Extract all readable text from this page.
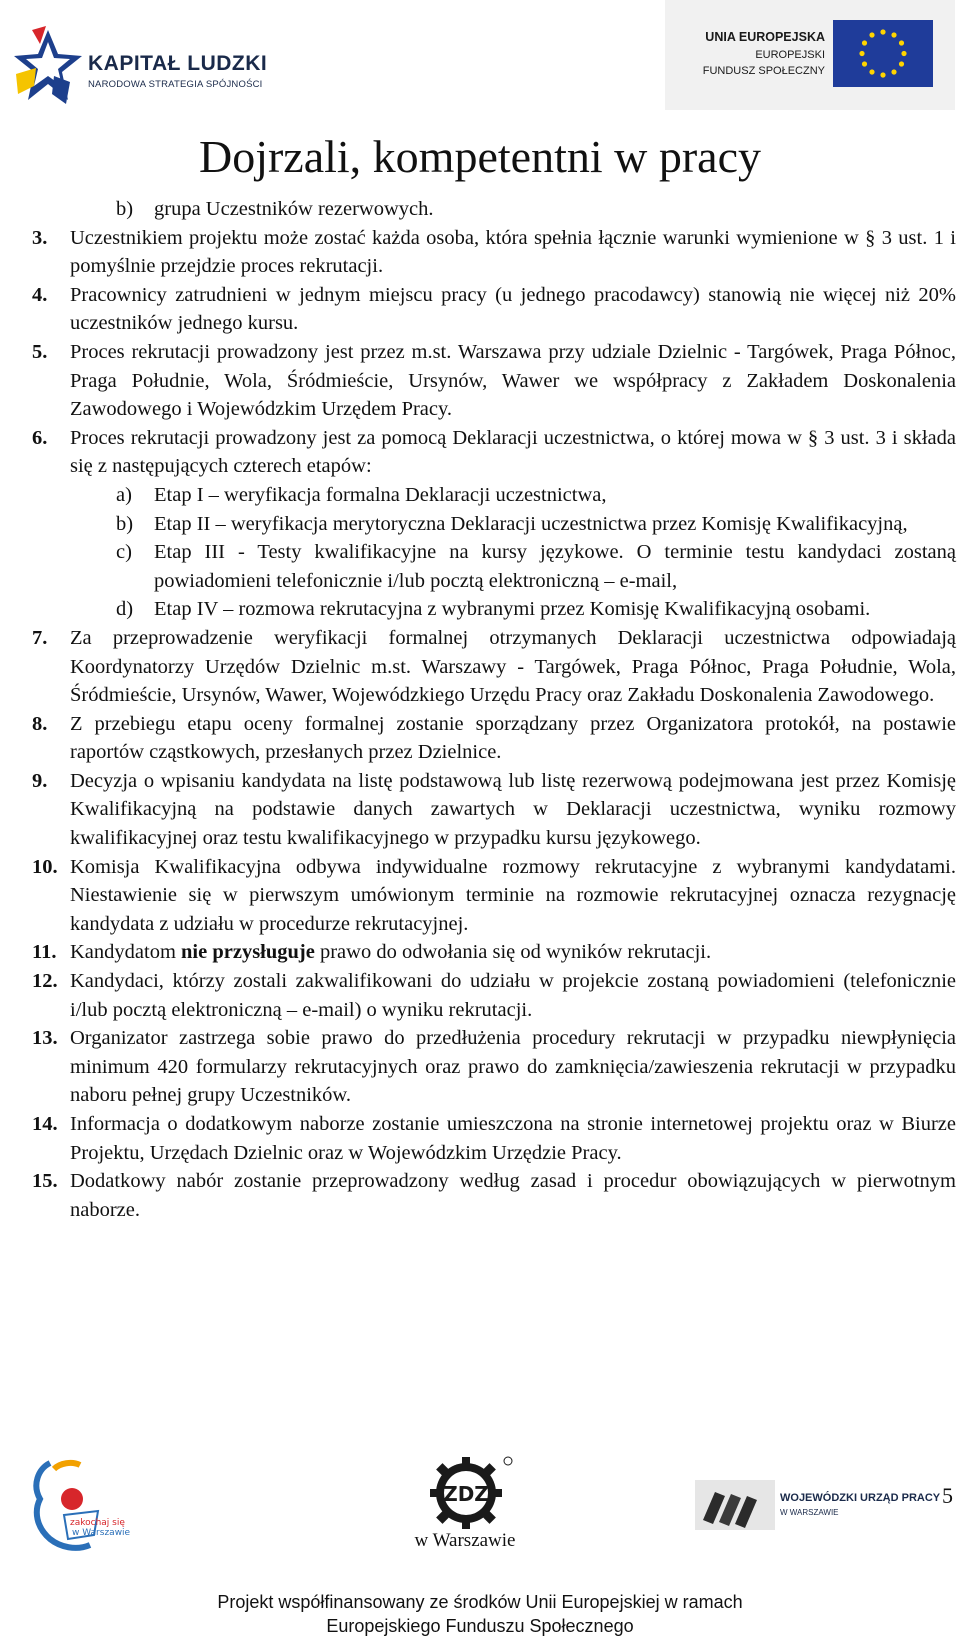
KAPITAŁ LUDZKI
NARODOWA STRATEGIA SPÓJNOŚCI
UNIA EUROPEJSKA
EUROPEJSKI
FUNDUSZ SPOŁECZNY
Dojrzali, kompetentni w pracy
b)	grupa Uczestników rezerwowych.
3.	Uczestnikiem projektu może zostać każda osoba, która spełnia łącznie warunki wymienione w § 3 ust. 1 i pomyślnie przejdzie proces rekrutacji.
4.	Pracownicy zatrudnieni w jednym miejscu pracy (u jednego pracodawcy) stanowią nie więcej niż 20% uczestników jednego kursu.
5.	Proces rekrutacji prowadzony jest przez m.st. Warszawa przy udziale Dzielnic - Targówek, Praga Północ, Praga Południe, Wola, Śródmieście, Ursynów, Wawer we współpracy z Zakładem Doskonalenia Zawodowego i Wojewódzkim Urzędem Pracy.
6.	Proces rekrutacji prowadzony jest za pomocą Deklaracji uczestnictwa, o której mowa w § 3 ust. 3 i składa się z następujących czterech etapów:
a)	Etap I – weryfikacja formalna Deklaracji uczestnictwa,
b)	Etap II – weryfikacja merytoryczna Deklaracji uczestnictwa przez Komisję Kwalifikacyjną,
c)	Etap III - Testy kwalifikacyjne na kursy językowe. O terminie testu kandydaci zostaną powiadomieni telefonicznie i/lub pocztą elektroniczną – e-mail,
d)	Etap IV – rozmowa rekrutacyjna z wybranymi przez Komisję Kwalifikacyjną osobami.
7.	Za przeprowadzenie weryfikacji formalnej otrzymanych Deklaracji uczestnictwa odpowiadają Koordynatorzy Urzędów Dzielnic m.st. Warszawy - Targówek, Praga Północ, Praga Południe, Wola, Śródmieście, Ursynów, Wawer, Wojewódzkiego Urzędu Pracy oraz Zakładu Doskonalenia Zawodowego.
8.	Z przebiegu etapu oceny formalnej zostanie sporządzany przez Organizatora protokół, na postawie raportów cząstkowych, przesłanych przez Dzielnice.
9.	Decyzja o wpisaniu kandydata na listę podstawową lub listę rezerwową podejmowana jest przez Komisję Kwalifikacyjną na podstawie danych zawartych w Deklaracji uczestnictwa, wyniku rozmowy kwalifikacyjnej oraz testu kwalifikacyjnego w przypadku kursu językowego.
10. Komisja Kwalifikacyjna odbywa indywidualne rozmowy rekrutacyjne z wybranymi kandydatami. Niestawienie się w pierwszym umówionym terminie na rozmowie rekrutacyjnej oznacza rezygnację kandydata z udziału w procedurze rekrutacyjnej.
11. Kandydatom nie przysługuje prawo do odwołania się od wyników rekrutacji.
12. Kandydaci, którzy zostali zakwalifikowani do udziału w projekcie zostaną powiadomieni (telefonicznie i/lub pocztą elektroniczną – e-mail) o wyniku rekrutacji.
13. Organizator zastrzega sobie prawo do przedłużenia procedury rekrutacji w przypadku niewpłynięcia minimum 420 formularzy rekrutacyjnych oraz prawo do zamknięcia/zawieszenia rekrutacji w przypadku naboru pełnej grupy Uczestników.
14. Informacja o dodatkowym naborze zostanie umieszczona na stronie internetowej projektu oraz w Biurze Projektu, Urzędach Dzielnic oraz w Wojewódzkim Urzędzie Pracy.
15. Dodatkowy nabór zostanie przeprowadzony według zasad i procedur obowiązujących w pierwotnym naborze.
zakochaj się
w Warszawie
ZDZ
w Warszawie
WOJEWÓDZKI URZĄD PRACY
W WARSZAWIE
5
Projekt współfinansowany ze środków Unii Europejskiej w ramach
Europejskiego Funduszu Społecznego
